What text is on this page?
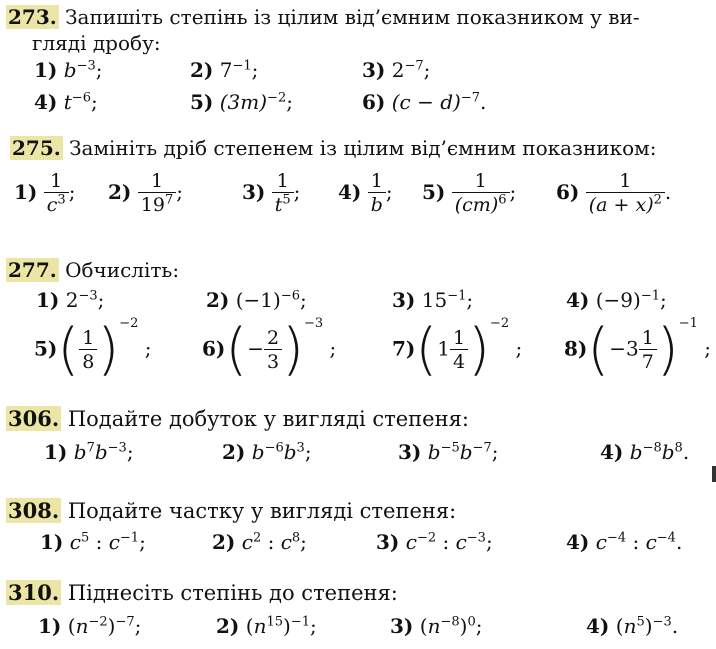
273. Запишіть степінь із цілим від’ємним показником у ви-
гляді дробу:
1) $b^{-3}$;	2) $7^{-1}$;	3) $2^{-7}$;
4) $t^{-6}$;	5) $(3m)^{-2}$;	6) $(c - d)^{-7}$.
275. Замініть дріб степенем із цілим від’ємним показником:
$1) \frac{1}{c^3}$ ; $2) \frac{1}{19^7}$ ;	$3) \frac{1}{t^5}$ ; $4) \frac{1}{b}$ ; $5) \frac{1}{(cm)^6}$ ; $6) \frac{1}{(a + x)^2}$ .
277. Обчисліть:
1) $2^{-3}$;	2) $(-1)^{-6}$;	3) $15^{-1}$;	4) $(-9)^{-1}$;
$5)( \frac{1}{8} )^{-2}$ ;	$6)(- \frac{2}{3} )^{-3}$ ;	$7)(1 \frac{1}{4} )^{-2}$ ; $8)(-3 \frac{1}{7} )^{-1}$ ;
306. Подайте добуток у вигляді степеня:
1) $b^7b^{-3}$;	2) $b^{-6}b^3$;	3) $b^{-5}b^{-7}$;	4) $b^{-8}b^8$.
308. Подайте частку у вигляді степеня:
1) $c^5$ : $c^{-1}$;	2) $c^2$ : $c^8$;	3) $c^{-2}$ : $c^{-3}$;	4) $c^{-4}$ : $c^{-4}$.
310. Піднесіть степінь до степеня:
1) $(n^{-2})^{-7}$;	2) $(n^{15})^{-1}$;	3) $(n^{-8})^0$;	4) $(n^5)^{-3}$.
